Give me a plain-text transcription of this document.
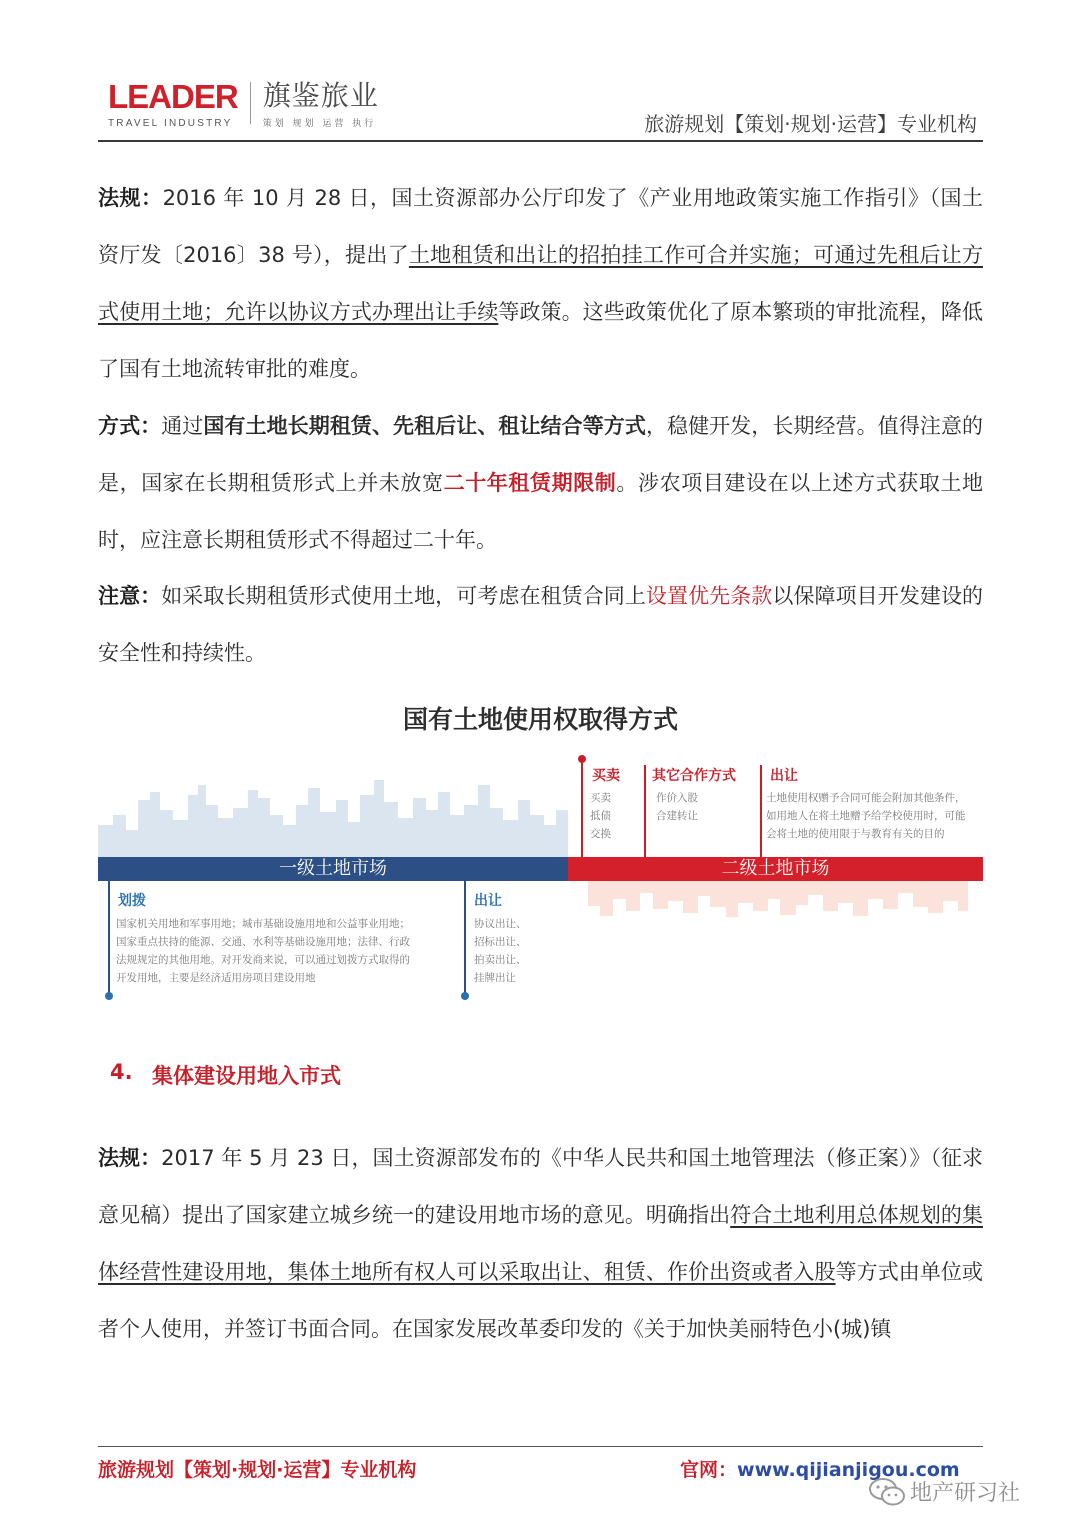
LEADER
TRAVEL INDUSTRY
旗鉴旅业
策划 规划 运营 执行	旅游规划【策划·规划·运营】专业机构

法规：2016 年 10 月 28 日，国土资源部办公厅印发了《产业用地政策实施工作指引》（国土资厅发〔2016〕38 号），提出了土地租赁和出让的招拍挂工作可合并实施；可通过先租后让方式使用土地；允许以协议方式办理出让手续等政策。这些政策优化了原本繁琐的审批流程，降低了国有土地流转审批的难度。

方式：通过国有土地长期租赁、先租后让、租让结合等方式，稳健开发，长期经营。值得注意的是，国家在长期租赁形式上并未放宽二十年租赁期限制。涉农项目建设在以上述方式获取土地时，应注意长期租赁形式不得超过二十年。

注意：如采取长期租赁形式使用土地，可考虑在租赁合同上设置优先条款以保障项目开发建设的安全性和持续性。

国有土地使用权取得方式
一级土地市场	二级土地市场
买卖
买卖
抵债
交换
其它合作方式
作价入股
合建转让
出让
土地使用权赠予合同可能会附加其他条件，
如用地人在将土地赠予给学校使用时，可能
会将土地的使用限于与教育有关的目的
划拨
国家机关用地和军事用地；城市基础设施用地和公益事业用地；
国家重点扶持的能源、交通、水利等基础设施用地；法律、行政
法规规定的其他用地。对开发商来说，可以通过划拨方式取得的
开发用地，主要是经济适用房项目建设用地
出让
协议出让、
招标出让、
拍卖出让、
挂牌出让
4. 集体建设用地入市式

法规：2017 年 5 月 23 日，国土资源部发布的《中华人民共和国土地管理法（修正案）》（征求意见稿）提出了国家建立城乡统一的建设用地市场的意见。明确指出符合土地利用总体规划的集体经营性建设用地，集体土地所有权人可以采取出让、租赁、作价出资或者入股等方式由单位或者个人使用，并签订书面合同。在国家发展改革委印发的《关于加快美丽特色小(城)镇

旅游规划【策划·规划·运营】专业机构	官网：www.qijianjigou.com
地产研习社
